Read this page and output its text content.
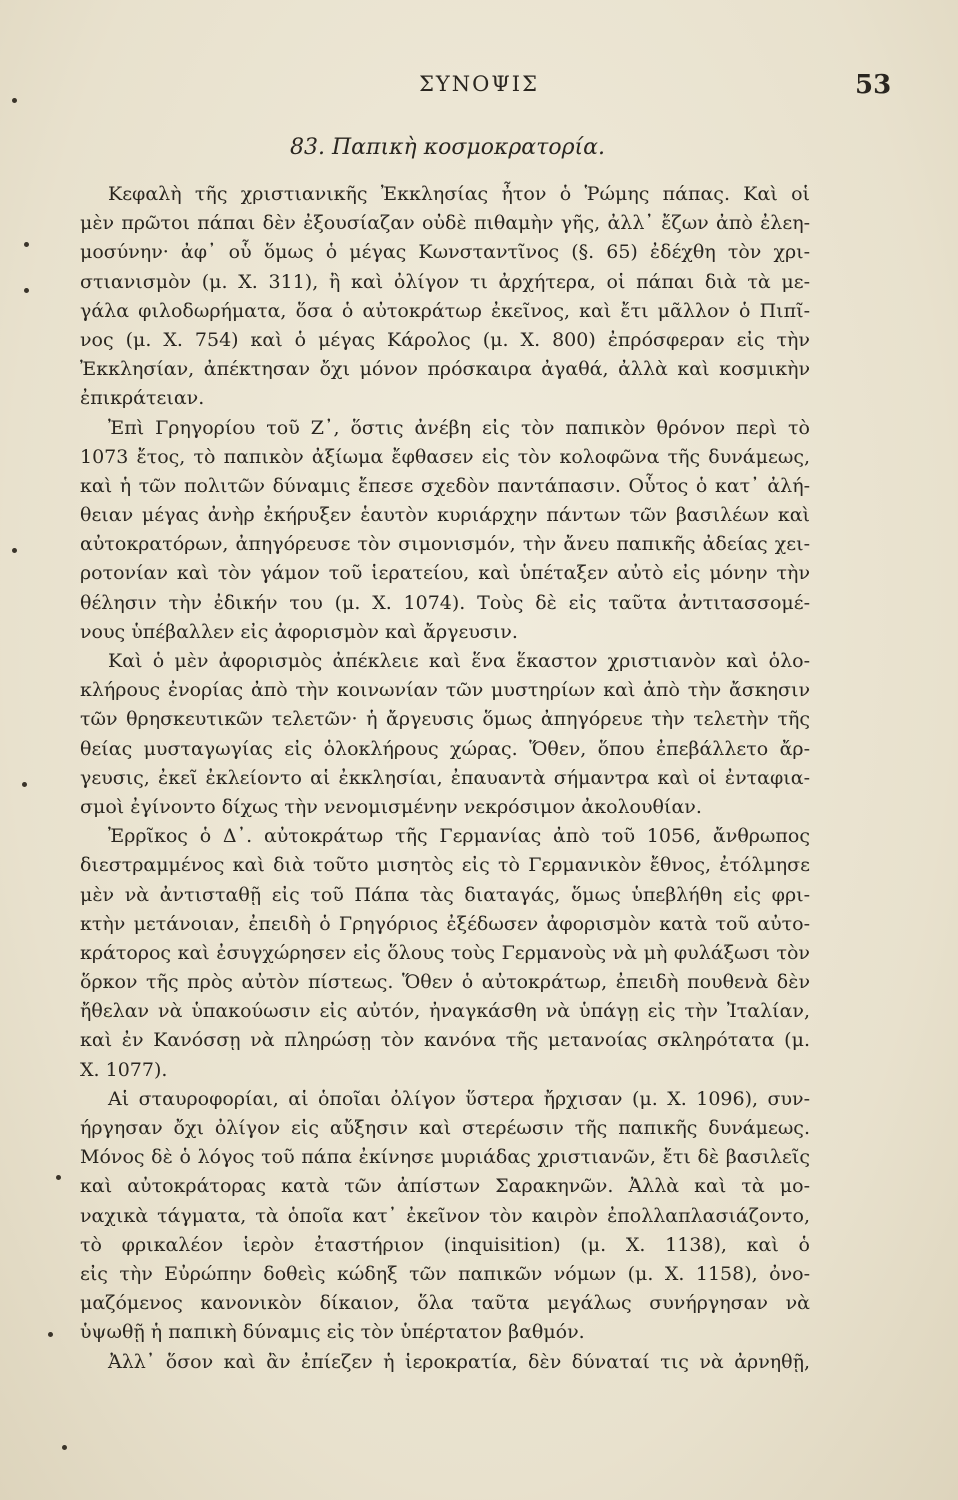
ΣΥΝΟΨΙΣ	53
83. Παπικὴ κοσμοκρατορία.
Κεφαλὴ τῆς χριστιανικῆς Ἐκκλησίας ἦτον ὁ Ῥώμης πάπας. Καὶ οἱ
μὲν πρῶτοι πάπαι δὲν ἐξουσίαζαν οὐδὲ πιθαμὴν γῆς, ἀλλ᾽ ἔζων ἀπὸ ἐλεη-
μοσύνην· ἀφ᾽ οὗ ὅμως ὁ μέγας Κωνσταντῖνος (§. 65) ἐδέχθη τὸν χρι-
στιανισμὸν (μ. Χ. 311), ἢ καὶ ὀλίγον τι ἀρχήτερα, οἱ πάπαι διὰ τὰ με-
γάλα φιλοδωρήματα, ὅσα ὁ αὐτοκράτωρ ἐκεῖνος, καὶ ἔτι μᾶλλον ὁ Πιπῖ-
νος (μ. Χ. 754) καὶ ὁ μέγας Κάρολος (μ. Χ. 800) ἐπρόσφεραν εἰς τὴν
Ἐκκλησίαν, ἀπέκτησαν ὄχι μόνον πρόσκαιρα ἀγαθά, ἀλλὰ καὶ κοσμικὴν
ἐπικράτειαν.
Ἐπὶ Γρηγορίου τοῦ Ζ᾽, ὅστις ἀνέβη εἰς τὸν παπικὸν θρόνον περὶ τὸ
1073 ἔτος, τὸ παπικὸν ἀξίωμα ἔφθασεν εἰς τὸν κολοφῶνα τῆς δυνάμεως,
καὶ ἡ τῶν πολιτῶν δύναμις ἔπεσε σχεδὸν παντάπασιν. Οὗτος ὁ κατ᾽ ἀλή-
θειαν μέγας ἀνὴρ ἐκήρυξεν ἑαυτὸν κυριάρχην πάντων τῶν βασιλέων καὶ
αὐτοκρατόρων, ἀπηγόρευσε τὸν σιμονισμόν, τὴν ἄνευ παπικῆς ἀδείας χει-
ροτονίαν καὶ τὸν γάμον τοῦ ἱερατείου, καὶ ὑπέταξεν αὐτὸ εἰς μόνην τὴν
θέλησιν τὴν ἐδικήν του (μ. Χ. 1074). Τοὺς δὲ εἰς ταῦτα ἀντιτασσομέ-
νους ὑπέβαλλεν εἰς ἀφορισμὸν καὶ ἄργευσιν.
Καὶ ὁ μὲν ἀφορισμὸς ἀπέκλειε καὶ ἕνα ἕκαστον χριστιανὸν καὶ ὁλο-
κλήρους ἐνορίας ἀπὸ τὴν κοινωνίαν τῶν μυστηρίων καὶ ἀπὸ τὴν ἄσκησιν
τῶν θρησκευτικῶν τελετῶν· ἡ ἄργευσις ὅμως ἀπηγόρευε τὴν τελετὴν τῆς
θείας μυσταγωγίας εἰς ὁλοκλήρους χώρας. Ὅθεν, ὅπου ἐπεβάλλετο ἄρ-
γευσις, ἐκεῖ ἐκλείοντο αἱ ἐκκλησίαι, ἐπαυαντὰ σήμαντρα καὶ οἱ ἐνταφια-
σμοὶ ἐγίνοντο δίχως τὴν νενομισμένην νεκρόσιμον ἀκολουθίαν.
Ἐρρῖκος ὁ Δ᾽. αὐτοκράτωρ τῆς Γερμανίας ἀπὸ τοῦ 1056, ἄνθρωπος
διεστραμμένος καὶ διὰ τοῦτο μισητὸς εἰς τὸ Γερμανικὸν ἔθνος, ἐτόλμησε
μὲν νὰ ἀντισταθῇ εἰς τοῦ Πάπα τὰς διαταγάς, ὅμως ὑπεβλήθη εἰς φρι-
κτὴν μετάνοιαν, ἐπειδὴ ὁ Γρηγόριος ἐξέδωσεν ἀφορισμὸν κατὰ τοῦ αὐτο-
κράτορος καὶ ἐσυγχώρησεν εἰς ὅλους τοὺς Γερμανοὺς νὰ μὴ φυλάξωσι τὸν
ὅρκον τῆς πρὸς αὐτὸν πίστεως. Ὅθεν ὁ αὐτοκράτωρ, ἐπειδὴ πουθενὰ δὲν
ἤθελαν νὰ ὑπακούωσιν εἰς αὐτόν, ἠναγκάσθη νὰ ὑπάγῃ εἰς τὴν Ἰταλίαν,
καὶ ἐν Κανόσσῃ νὰ πληρώσῃ τὸν κανόνα τῆς μετανοίας σκληρότατα (μ.
Χ. 1077).
Αἱ σταυροφορίαι, αἱ ὁποῖαι ὀλίγον ὕστερα ἤρχισαν (μ. Χ. 1096), συν-
ήργησαν ὄχι ὀλίγον εἰς αὔξησιν καὶ στερέωσιν τῆς παπικῆς δυνάμεως.
Μόνος δὲ ὁ λόγος τοῦ πάπα ἐκίνησε μυριάδας χριστιανῶν, ἔτι δὲ βασιλεῖς
καὶ αὐτοκράτορας κατὰ τῶν ἀπίστων Σαρακηνῶν. Ἀλλὰ καὶ τὰ μο-
ναχικὰ τάγματα, τὰ ὁποῖα κατ᾽ ἐκεῖνον τὸν καιρὸν ἐπολλαπλασιάζοντο,
τὸ φρικαλέον ἱερὸν ἐταστήριον (inquisition) (μ. Χ. 1138), καὶ ὁ
εἰς τὴν Εὐρώπην δοθεὶς κώδηξ τῶν παπικῶν νόμων (μ. Χ. 1158), ὀνο-
μαζόμενος κανονικὸν δίκαιον, ὅλα ταῦτα μεγάλως συνήργησαν νὰ
ὑψωθῇ ἡ παπικὴ δύναμις εἰς τὸν ὑπέρτατον βαθμόν.
Ἀλλ᾽ ὅσον καὶ ἂν ἐπίεζεν ἡ ἱεροκρατία, δὲν δύναταί τις νὰ ἀρνηθῇ,
